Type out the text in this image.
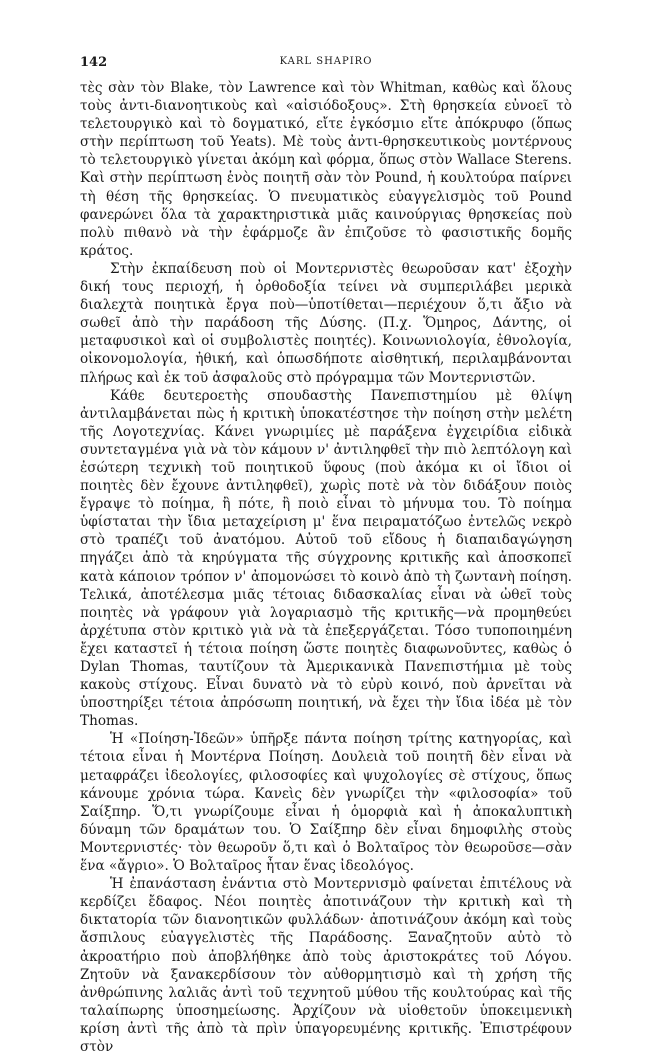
142	KARL SHAPIRO

τὲς σὰν τὸν Blake, τὸν Lawrence καὶ τὸν Whitman, καθὼς καὶ ὅλους τοὺς ἀντι-διανοητικοὺς καὶ «αἰσιόδοξους». Στὴ θρησκεία εὐνοεῖ τὸ τελετουργικὸ καὶ τὸ δογματικό, εἴτε ἐγκόσμιο εἴτε ἀπόκρυφο (ὅπως στὴν περίπτωση τοῦ Yeats). Μὲ τοὺς ἀντι-θρησκευτικοὺς μοντέρνους τὸ τελετουργικὸ γίνεται ἀκόμη καὶ φόρμα, ὅπως στὸν Wallace Sterens. Καὶ στὴν περίπτωση ἑνὸς ποιητῆ σὰν τὸν Pound, ἡ κουλτούρα παίρνει τὴ θέση τῆς θρησκείας. Ὁ πνευματικὸς εὐαγγελισμὸς τοῦ Pound φανερώνει ὅλα τὰ χαρακτηριστικὰ μιᾶς καινούργιας θρησκείας ποὺ πολὺ πιθανὸ νὰ τὴν ἐφάρμοζε ἂν ἐπιζοῦσε τὸ φασιστικῆς δομῆς κράτος.

Στὴν ἐκπαίδευση ποὺ οἱ Μοντερνιστὲς θεωροῦσαν κατ' ἐξοχὴν δική τους περιοχή, ἡ ὀρθοδοξία τείνει νὰ συμπεριλάβει μερικὰ διαλεχτὰ ποιητικὰ ἔργα ποὺ—ὑποτίθεται—περιέχουν ὅ,τι ἄξιο νὰ σωθεῖ ἀπὸ τὴν παράδοση τῆς Δύσης. (Π.χ. Ὅμηρος, Δάντης, οἱ μεταφυσικοὶ καὶ οἱ συμβολιστὲς ποιητές). Κοινωνιολογία, ἐθνολογία, οἰκονομολογία, ἠθική, καὶ ὁπωσδήποτε αἰσθητική, περιλαμβάνονται πλήρως καὶ ἐκ τοῦ ἀσφαλοῦς στὸ πρόγραμμα τῶν Μοντερνιστῶν.

Κάθε δευτεροετὴς σπουδαστὴς Πανεπιστημίου μὲ θλίψη ἀντιλαμβάνεται πὼς ἡ κριτικὴ ὑποκατέστησε τὴν ποίηση στὴν μελέτη τῆς Λογοτεχνίας. Κάνει γνωριμίες μὲ παράξενα ἐγχειρίδια εἰδικὰ συντεταγμένα γιὰ νὰ τὸν κάμουν ν' ἀντιληφθεῖ τὴν πιὸ λεπτόλογη καὶ ἐσώτερη τεχνικὴ τοῦ ποιητικοῦ ὕφους (ποὺ ἀκόμα κι οἱ ἴδιοι οἱ ποιητὲς δὲν ἔχουνε ἀντιληφθεῖ), χωρὶς ποτὲ νὰ τὸν διδάξουν ποιὸς ἔγραψε τὸ ποίημα, ἢ πότε, ἢ ποιὸ εἶναι τὸ μήνυμα του. Τὸ ποίημα ὑφίσταται τὴν ἴδια μεταχείριση μ' ἕνα πειραματόζωο ἐντελῶς νεκρὸ στὸ τραπέζι τοῦ ἀνατόμου. Αὐτοῦ τοῦ εἴδους ἡ διαπαιδαγώγηση πηγάζει ἀπὸ τὰ κηρύγματα τῆς σύγχρονης κριτικῆς καὶ ἀποσκοπεῖ κατὰ κάποιον τρόπον ν' ἀπομονώσει τὸ κοινὸ ἀπὸ τὴ ζωντανὴ ποίηση. Τελικά, ἀποτέλεσμα μιᾶς τέτοιας διδασκαλίας εἶναι νὰ ὠθεῖ τοὺς ποιητὲς νὰ γράφουν γιὰ λογαριασμὸ τῆς κριτικῆς—νὰ προμηθεύει ἀρχέτυπα στὸν κριτικὸ γιὰ νὰ τὰ ἐπεξεργάζεται. Τόσο τυποποιημένη ἔχει καταστεῖ ἡ τέτοια ποίηση ὥστε ποιητὲς διαφωνοῦντες, καθὼς ὁ Dylan Thomas, ταυτίζουν τὰ Ἀμερικανικὰ Πανεπιστήμια μὲ τοὺς κακοὺς στίχους. Εἶναι δυνατὸ νὰ τὸ εὐρὺ κοινό, ποὺ ἀρνεῖται νὰ ὑποστηρίξει τέτοια ἀπρόσωπη ποιητική, νὰ ἔχει τὴν ἴδια ἰδέα μὲ τὸν Thomas.

Ἡ «Ποίηση-Ἰδεῶν» ὑπῆρξε πάντα ποίηση τρίτης κατηγορίας, καὶ τέτοια εἶναι ἡ Μοντέρνα Ποίηση. Δουλειὰ τοῦ ποιητῆ δὲν εἶναι νὰ μεταφράζει ἰδεολογίες, φιλοσοφίες καὶ ψυχολογίες σὲ στίχους, ὅπως κάνουμε χρόνια τώρα. Κανεὶς δὲν γνωρίζει τὴν «φιλοσοφία» τοῦ Σαίξπηρ. Ὅ,τι γνωρίζουμε εἶναι ἡ ὁμορφιὰ καὶ ἡ ἀποκαλυπτικὴ δύναμη τῶν δραμάτων του. Ὁ Σαίξπηρ δὲν εἶναι δημοφιλὴς στοὺς Μοντερνιστές· τὸν θεωροῦν ὅ,τι καὶ ὁ Βολταῖρος τὸν θεωροῦσε—σὰν ἕνα «ἄγριο». Ὁ Βολταῖρος ἦταν ἕνας ἰδεολόγος.

Ἡ ἐπανάσταση ἐνάντια στὸ Μοντερνισμὸ φαίνεται ἐπιτέλους νὰ κερδίζει ἔδαφος. Νέοι ποιητὲς ἀποτινάζουν τὴν κριτικὴ καὶ τὴ δικτατορία τῶν διανοητικῶν φυλλάδων· ἀποτινάζουν ἀκόμη καὶ τοὺς ἄσπιλους εὐαγγελιστὲς τῆς Παράδοσης. Ξαναζητοῦν αὐτὸ τὸ ἀκροατήριο ποὺ ἀποβλήθηκε ἀπὸ τοὺς ἀριστοκράτες τοῦ Λόγου. Ζητοῦν νὰ ξανακερδίσουν τὸν αὐθορμητισμὸ καὶ τὴ χρήση τῆς ἀνθρώπινης λαλιᾶς ἀντὶ τοῦ τεχνητοῦ μύθου τῆς κουλτούρας καὶ τῆς ταλαίπωρης ὑποσημείωσης. Ἀρχίζουν νὰ υἱοθετοῦν ὑποκειμενικὴ κρίση ἀντὶ τῆς ἀπὸ τὰ πρὶν ὑπαγορευμένης κριτικῆς. Ἐπιστρέφουν στὸν
